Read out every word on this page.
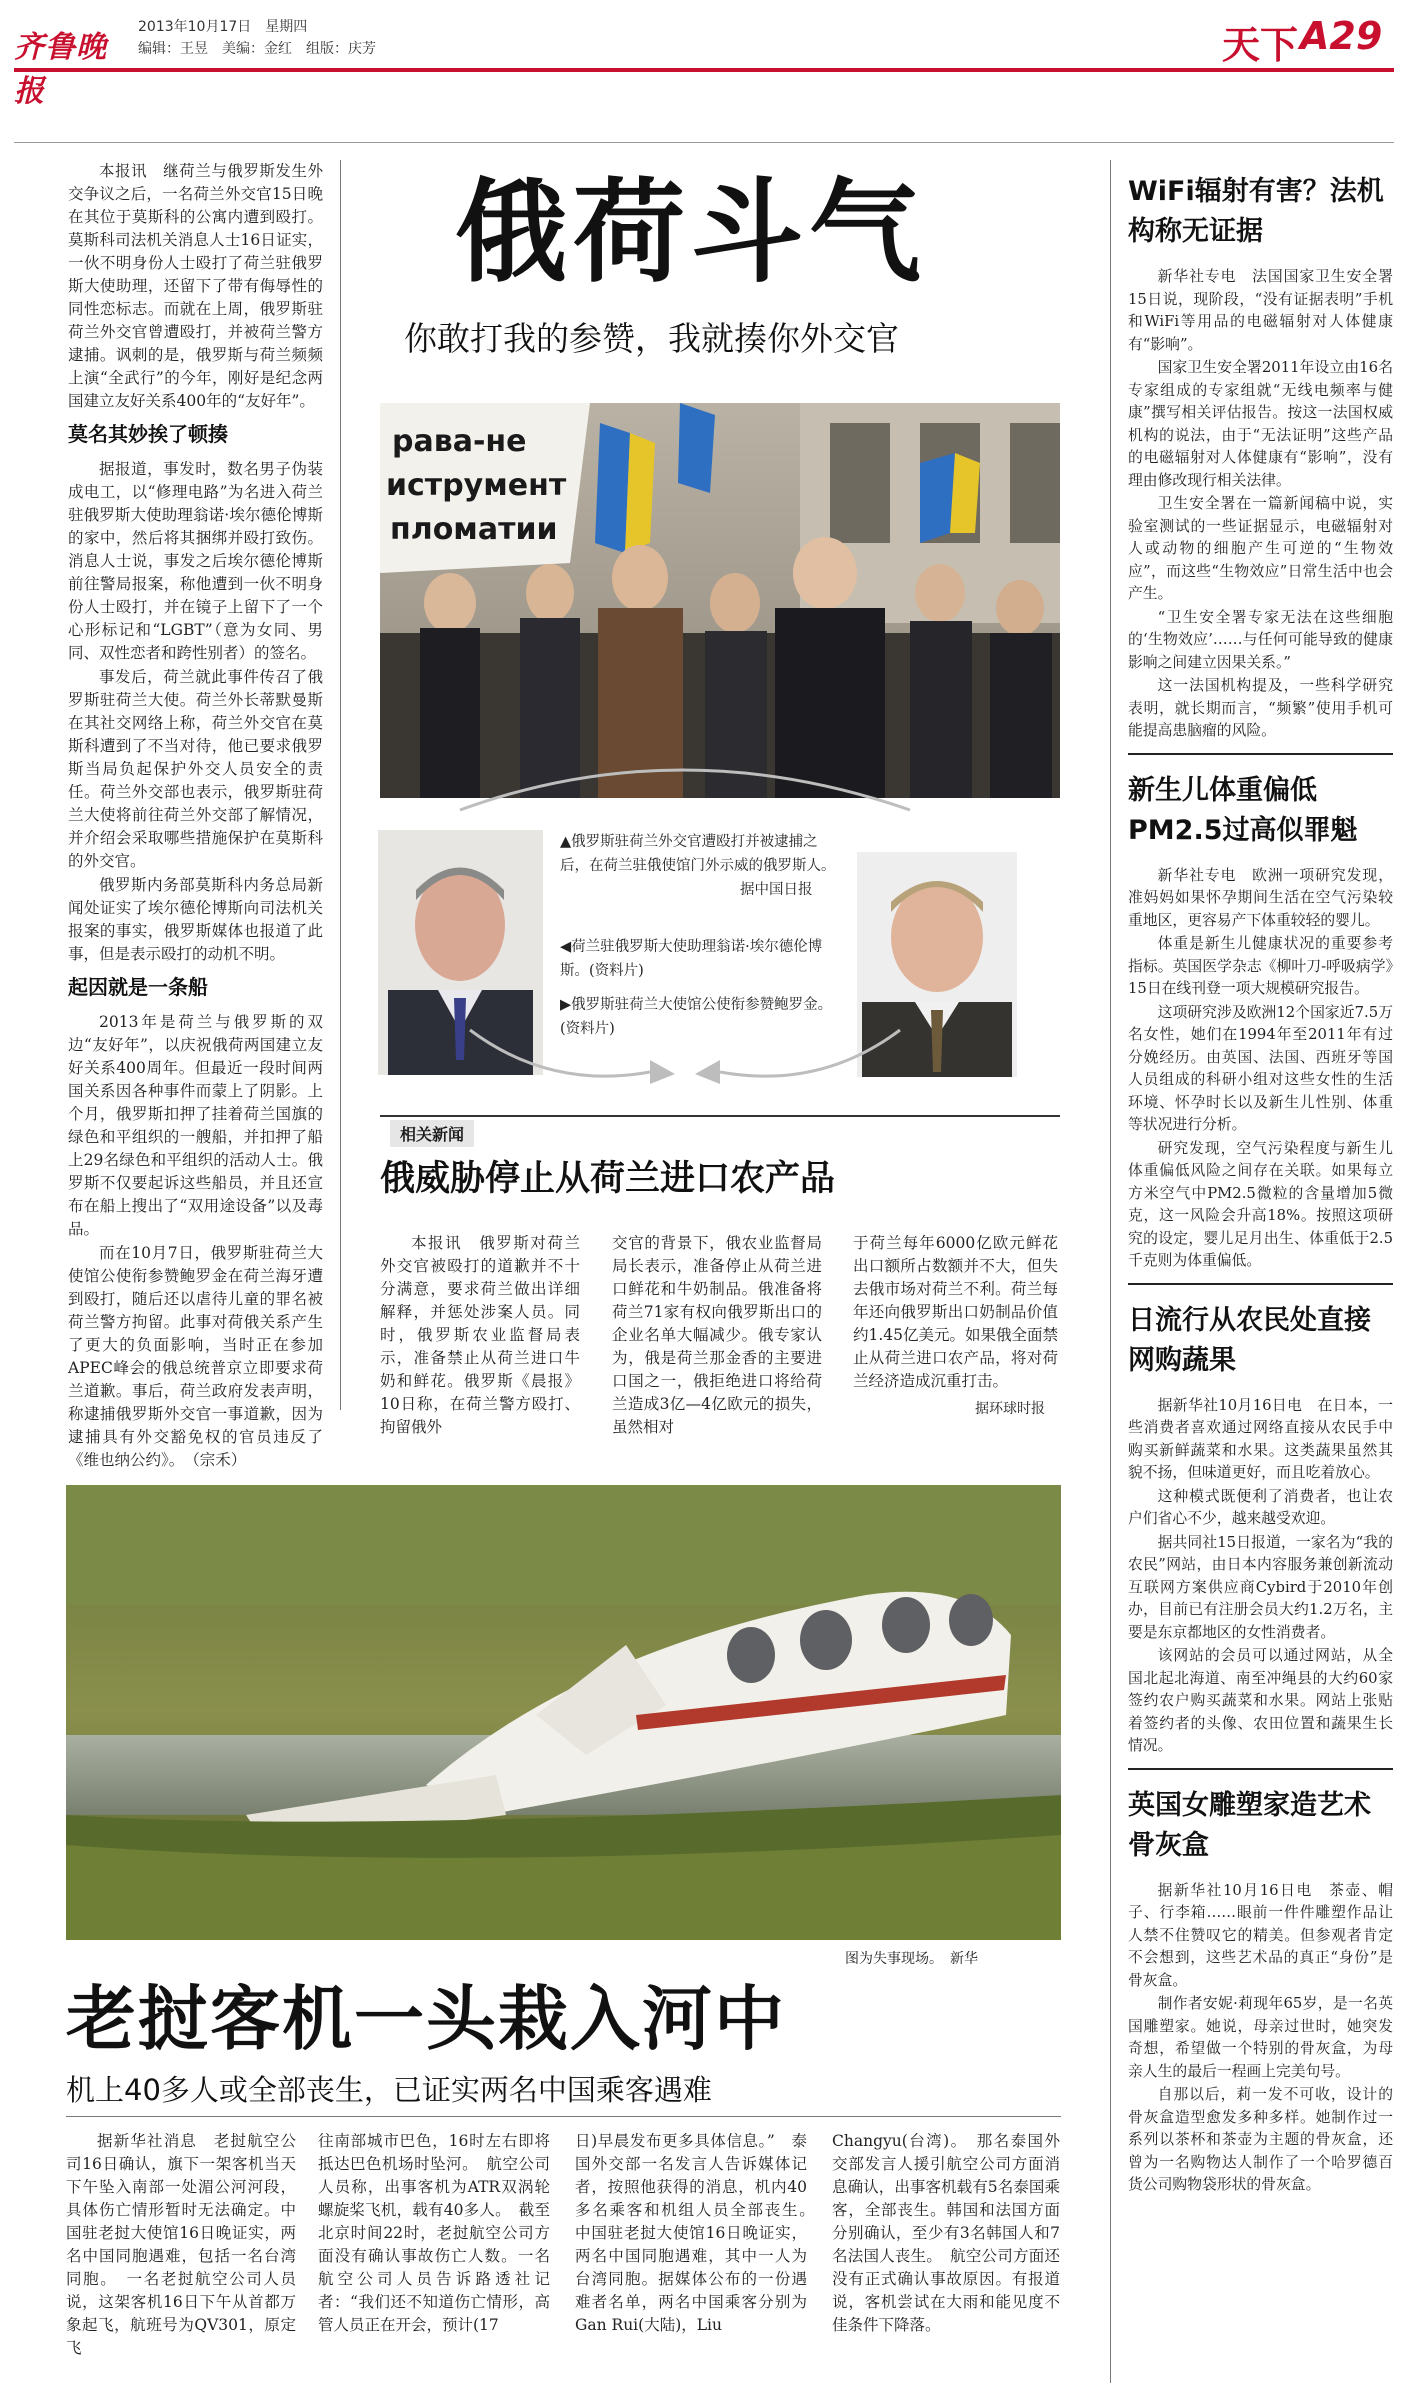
齐鲁晚报
2013年10月17日 星期四
编辑：王昱 美编：金红 组版：庆芳	天下 A29

本报讯　继荷兰与俄罗斯发生外交争议之后，一名荷兰外交官15日晚在其位于莫斯科的公寓内遭到殴打。莫斯科司法机关消息人士16日证实，一伙不明身份人士殴打了荷兰驻俄罗斯大使助理，还留下了带有侮辱性的同性恋标志。而就在上周，俄罗斯驻荷兰外交官曾遭殴打，并被荷兰警方逮捕。讽刺的是，俄罗斯与荷兰频频上演“全武行”的今年，刚好是纪念两国建立友好关系400年的“友好年”。

莫名其妙挨了顿揍

据报道，事发时，数名男子伪装成电工，以“修理电路”为名进入荷兰驻俄罗斯大使助理翁诺·埃尔德伦博斯的家中，然后将其捆绑并殴打致伤。消息人士说，事发之后埃尔德伦博斯前往警局报案，称他遭到一伙不明身份人士殴打，并在镜子上留下了一个心形标记和“LGBT”（意为女同、男同、双性恋者和跨性别者）的签名。

事发后，荷兰就此事件传召了俄罗斯驻荷兰大使。荷兰外长蒂默曼斯在其社交网络上称，荷兰外交官在莫斯科遭到了不当对待，他已要求俄罗斯当局负起保护外交人员安全的责任。荷兰外交部也表示，俄罗斯驻荷兰大使将前往荷兰外交部了解情况，并介绍会采取哪些措施保护在莫斯科的外交官。

俄罗斯内务部莫斯科内务总局新闻处证实了埃尔德伦博斯向司法机关报案的事实，俄罗斯媒体也报道了此事，但是表示殴打的动机不明。

起因就是一条船

2013年是荷兰与俄罗斯的双边“友好年”，以庆祝俄荷两国建立友好关系400周年。但最近一段时间两国关系因各种事件而蒙上了阴影。上个月，俄罗斯扣押了挂着荷兰国旗的绿色和平组织的一艘船，并扣押了船上29名绿色和平组织的活动人士。俄罗斯不仅要起诉这些船员，并且还宣布在船上搜出了“双用途设备”以及毒品。

而在10月7日，俄罗斯驻荷兰大使馆公使衔参赞鲍罗金在荷兰海牙遭到殴打，随后还以虐待儿童的罪名被荷兰警方拘留。此事对荷俄关系产生了更大的负面影响，当时正在参加APEC峰会的俄总统普京立即要求荷兰道歉。事后，荷兰政府发表声明，称逮捕俄罗斯外交官一事道歉，因为逮捕具有外交豁免权的官员违反了《维也纳公约》。　（宗禾）

俄荷斗气
你敢打我的参赞，我就揍你外交官
рава-не
иструмент
пломатии
▲俄罗斯驻荷兰外交官遭殴打并被逮捕之后，在荷兰驻俄使馆门外示威的俄罗斯人。
据中国日报
◀荷兰驻俄罗斯大使助理翁诺·埃尔德伦博斯。(资料片)
▶俄罗斯驻荷兰大使馆公使衔参赞鲍罗金。(资料片)
相关新闻
俄威胁停止从荷兰进口农产品
本报讯　俄罗斯对荷兰外交官被殴打的道歉并不十分满意，要求荷兰做出详细解释，并惩处涉案人员。同时，俄罗斯农业监督局表示，准备禁止从荷兰进口牛奶和鲜花。俄罗斯《晨报》10日称，在荷兰警方殴打、拘留俄外
交官的背景下，俄农业监督局局长表示，准备停止从荷兰进口鲜花和牛奶制品。俄准备将荷兰71家有权向俄罗斯出口的企业名单大幅减少。俄专家认为，俄是荷兰那金香的主要进口国之一，俄拒绝进口将给荷兰造成3亿—4亿欧元的损失，虽然相对
于荷兰每年6000亿欧元鲜花出口额所占数额并不大，但失去俄市场对荷兰不利。荷兰每年还向俄罗斯出口奶制品价值约1.45亿美元。如果俄全面禁止从荷兰进口农产品，将对荷兰经济造成沉重打击。
据环球时报
WiFi辐射有害？法机构称无证据

新华社专电　法国国家卫生安全署15日说，现阶段，“没有证据表明”手机和WiFi等用品的电磁辐射对人体健康有“影响”。

国家卫生安全署2011年设立由16名专家组成的专家组就“无线电频率与健康”撰写相关评估报告。按这一法国权威机构的说法，由于“无法证明”这些产品的电磁辐射对人体健康有“影响”，没有理由修改现行相关法律。

卫生安全署在一篇新闻稿中说，实验室测试的一些证据显示，电磁辐射对人或动物的细胞产生可逆的“生物效应”，而这些“生物效应”日常生活中也会产生。

“卫生安全署专家无法在这些细胞的‘生物效应’……与任何可能导致的健康影响之间建立因果关系。”

这一法国机构提及，一些科学研究表明，就长期而言，“频繁”使用手机可能提高患脑瘤的风险。

新生儿体重偏低 PM2.5过高似罪魁

新华社专电　欧洲一项研究发现，准妈妈如果怀孕期间生活在空气污染较重地区，更容易产下体重较轻的婴儿。

体重是新生儿健康状况的重要参考指标。英国医学杂志《柳叶刀-呼吸病学》15日在线刊登一项大规模研究报告。

这项研究涉及欧洲12个国家近7.5万名女性，她们在1994年至2011年有过分娩经历。由英国、法国、西班牙等国人员组成的科研小组对这些女性的生活环境、怀孕时长以及新生儿性别、体重等状况进行分析。

研究发现，空气污染程度与新生儿体重偏低风险之间存在关联。如果每立方米空气中PM2.5微粒的含量增加5微克，这一风险会升高18%。按照这项研究的设定，婴儿足月出生、体重低于2.5千克则为体重偏低。

日流行从农民处直接网购蔬果

据新华社10月16日电　在日本，一些消费者喜欢通过网络直接从农民手中购买新鲜蔬菜和水果。这类蔬果虽然其貌不扬，但味道更好，而且吃着放心。

这种模式既便利了消费者，也让农户们省心不少，越来越受欢迎。

据共同社15日报道，一家名为“我的农民”网站，由日本内容服务兼创新流动互联网方案供应商Cybird于2010年创办，目前已有注册会员大约1.2万名，主要是东京都地区的女性消费者。

该网站的会员可以通过网站，从全国北起北海道、南至冲绳县的大约60家签约农户购买蔬菜和水果。网站上张贴着签约者的头像、农田位置和蔬果生长情况。

英国女雕塑家造艺术骨灰盒

据新华社10月16日电　茶壶、帽子、行李箱……眼前一件件雕塑作品让人禁不住赞叹它的精美。但参观者肯定不会想到，这些艺术品的真正“身份”是骨灰盒。

制作者安妮·莉现年65岁，是一名英国雕塑家。她说，母亲过世时，她突发奇想，希望做一个特别的骨灰盒，为母亲人生的最后一程画上完美句号。

自那以后，莉一发不可收，设计的骨灰盒造型愈发多种多样。她制作过一系列以茶杯和茶壶为主题的骨灰盒，还曾为一名购物达人制作了一个哈罗德百货公司购物袋形状的骨灰盒。

图为失事现场。　新华
老挝客机一头栽入河中
机上40多人或全部丧生，已证实两名中国乘客遇难
据新华社消息　老挝航空公司16日确认，旗下一架客机当天下午坠入南部一处湄公河河段，具体伤亡情形暂时无法确定。中国驻老挝大使馆16日晚证实，两名中国同胞遇难，包括一名台湾同胞。　一名老挝航空公司人员说，这架客机16日下午从首都万象起飞，航班号为QV301，原定飞
往南部城市巴色，16时左右即将抵达巴色机场时坠河。　航空公司人员称，出事客机为ATR双涡轮螺旋桨飞机，载有40多人。　截至北京时间22时，老挝航空公司方面没有确认事故伤亡人数。一名航空公司人员告诉路透社记者：“我们还不知道伤亡情形，高管人员正在开会，预计(17
日)早晨发布更多具体信息。”　泰国外交部一名发言人告诉媒体记者，按照他获得的消息，机内40多名乘客和机组人员全部丧生。　中国驻老挝大使馆16日晚证实，两名中国同胞遇难，其中一人为台湾同胞。据媒体公布的一份遇难者名单，两名中国乘客分别为Gan Rui(大陆)，Liu
Changyu(台湾)。　那名泰国外交部发言人援引航空公司方面消息确认，出事客机载有5名泰国乘客，全部丧生。韩国和法国方面分别确认，至少有3名韩国人和7名法国人丧生。　航空公司方面还没有正式确认事故原因。有报道说，客机尝试在大雨和能见度不佳条件下降落。
